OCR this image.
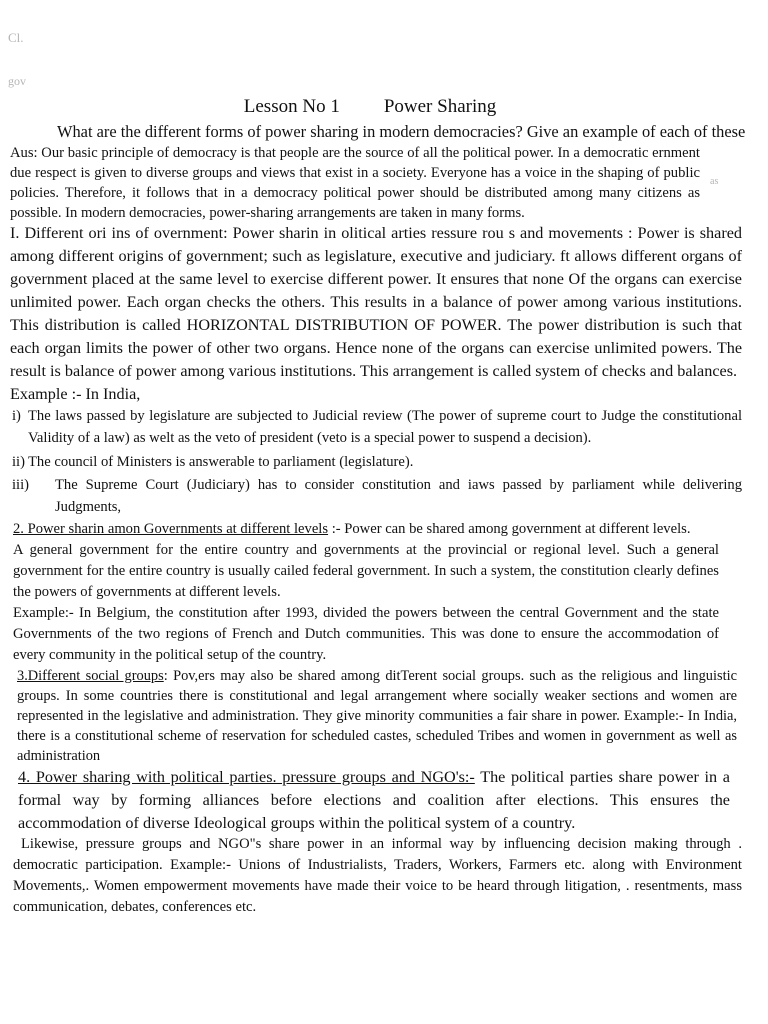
Cl.
gov
as
Lesson No 1 Power Sharing
What are the different forms of power sharing in modern democracies? Give an example of each of these

Aus: Our basic principle of democracy is that people are the source of all the political power. In a democratic ernment due respect is given to diverse groups and views that exist in a society. Everyone has a voice in the shaping of public policies. Therefore, it follows that in a democracy political power should be distributed among many citizens as possible. In modern democracies, power-sharing arrangements are taken in many forms.

I. Different ori ins of overnment: Power sharin in olitical arties ressure rou s and movements : Power is shared among different origins of government; such as legislature, executive and judiciary. ft allows different organs of government placed at the same level to exercise different power. It ensures that none Of the organs can exercise unlimited power. Each organ checks the others. This results in a balance of power among various institutions. This distribution is called HORIZONTAL DISTRIBUTION OF POWER. The power distribution is such that each organ limits the power of other two organs. Hence none of the organs can exercise unlimited powers. The result is balance of power among various institutions. This arrangement is called system of checks and balances.

Example :- In India,

i) The laws passed by legislature are subjected to Judicial review (The power of supreme court to Judge the constitutional Validity of a law) as welt as the veto of president (veto is a special power to suspend a decision).
ii) The council of Ministers is answerable to parliament (legislature).
iii)	The Supreme Court (Judiciary) has to consider constitution and iaws passed by parliament while delivering Judgments,

2. Power sharin amon Governments at different levels :- Power can be shared among government at different levels.

A general government for the entire country and governments at the provincial or regional level. Such a general government for the entire country is usually cailed federal government. In such a system, the constitution clearly defines the powers of governments at different levels.

Example:- In Belgium, the constitution after 1993, divided the powers between the central Government and the state Governments of the two regions of French and Dutch communities. This was done to ensure the accommodation of every community in the political setup of the country.

3.Different social groups: Pov,ers may also be shared among ditTerent social groups. such as the religious and linguistic groups. In some countries there is constitutional and legal arrangement where socially weaker sections and women are represented in the legislative and administration. They give minority communities a fair share in power. Example:- In India, there is a constitutional scheme of reservation for scheduled castes, scheduled Tribes and women in government as well as administration

4. Power sharing with political parties. pressure groups and NGO's:- The political parties share power in a formal way by forming alliances before elections and coalition after elections. This ensures the accommodation of diverse Ideological groups within the political system of a country.

Likewise, pressure groups and NGO"s share power in an informal way by influencing decision making through . democratic participation. Example:- Unions of Industrialists, Traders, Workers, Farmers etc. along with Environment Movements,. Women empowerment movements have made their voice to be heard through litigation, . resentments, mass communication, debates, conferences etc.
